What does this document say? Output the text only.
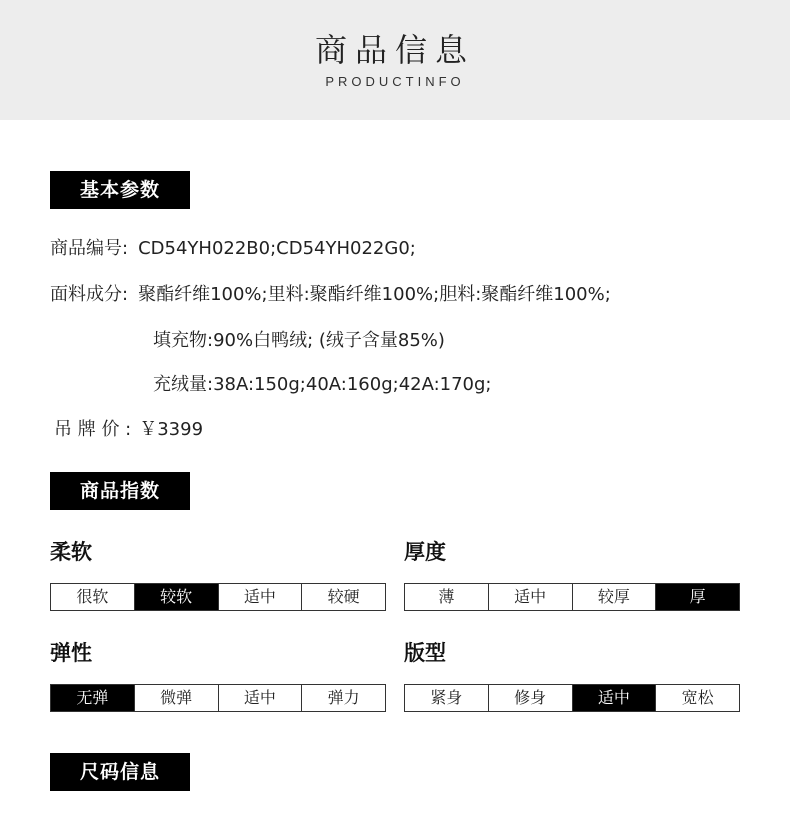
商品信息
PRODUCTINFO
基本参数
商品编号: CD54YH022B0;CD54YH022G0;
面料成分: 聚酯纤维100%;里料:聚酯纤维100%;胆料:聚酯纤维100%;
填充物:90%白鸭绒; (绒子含量85%)
充绒量:38A:150g;40A:160g;42A:170g;
吊 牌 价 : ￥3399
商品指数
柔软
很软	较软	适中	较硬
厚度
薄	适中	较厚	厚
弹性
无弹	微弹	适中	弹力
版型
紧身	修身	适中	宽松
尺码信息
